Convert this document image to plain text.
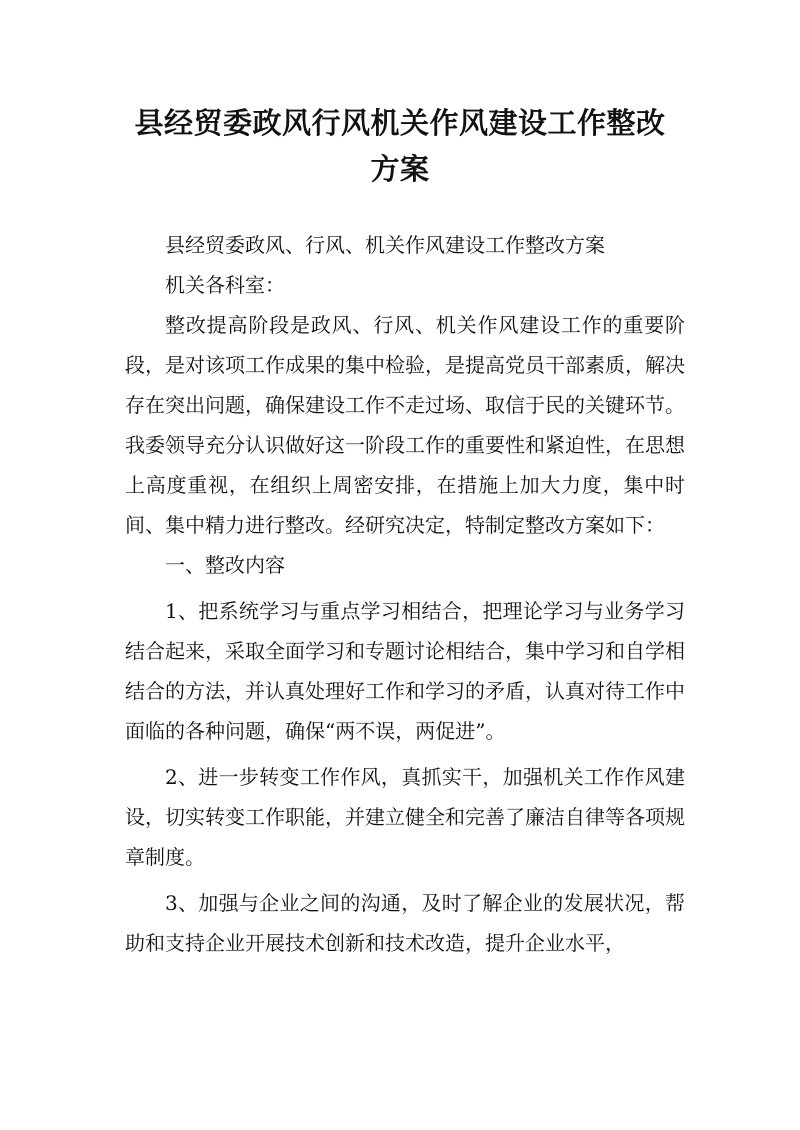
县经贸委政风行风机关作风建设工作整改方案

县经贸委政风、行风、机关作风建设工作整改方案

机关各科室：

整改提高阶段是政风、行风、机关作风建设工作的重要阶段，是对该项工作成果的集中检验，是提高党员干部素质，解决存在突出问题，确保建设工作不走过场、取信于民的关键环节。我委领导充分认识做好这一阶段工作的重要性和紧迫性，在思想上高度重视，在组织上周密安排，在措施上加大力度，集中时间、集中精力进行整改。经研究决定，特制定整改方案如下：

一、整改内容

1、把系统学习与重点学习相结合，把理论学习与业务学习结合起来，采取全面学习和专题讨论相结合，集中学习和自学相结合的方法，并认真处理好工作和学习的矛盾，认真对待工作中面临的各种问题，确保“两不误，两促进”。

2、进一步转变工作作风，真抓实干，加强机关工作作风建设，切实转变工作职能，并建立健全和完善了廉洁自律等各项规章制度。

3、加强与企业之间的沟通，及时了解企业的发展状况，帮助和支持企业开展技术创新和技术改造，提升企业水平，
